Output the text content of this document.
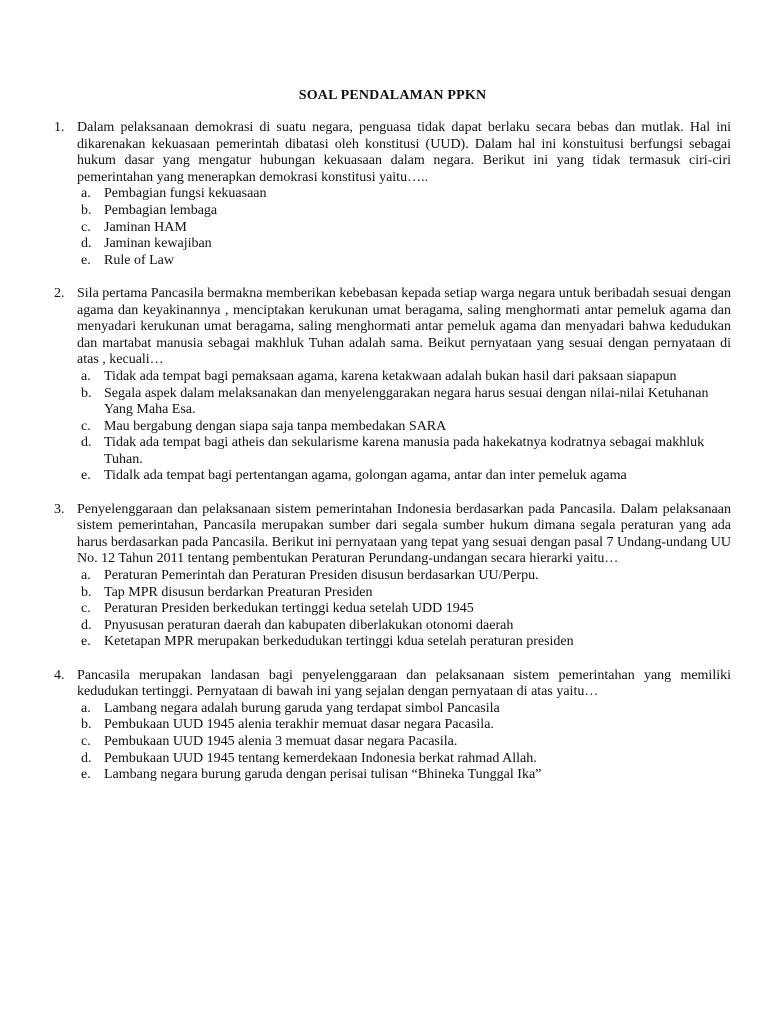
SOAL PENDALAMAN PPKN
1. Dalam pelaksanaan demokrasi di suatu negara, penguasa tidak dapat berlaku secara bebas dan mutlak. Hal ini dikarenakan kekuasaan pemerintah dibatasi oleh konstitusi (UUD). Dalam hal ini konstuitusi berfungsi sebagai hukum dasar yang mengatur hubungan kekuasaan dalam negara. Berikut ini yang tidak termasuk ciri-ciri pemerintahan yang menerapkan demokrasi konstitusi yaitu…..

a. Pembagian fungsi kekuasaan
b. Pembagian lembaga
c. Jaminan HAM
d. Jaminan kewajiban
e. Rule of Law
2. Sila pertama Pancasila bermakna memberikan kebebasan kepada setiap warga negara untuk beribadah sesuai dengan agama dan keyakinannya , menciptakan kerukunan umat beragama, saling menghormati antar pemeluk agama dan menyadari kerukunan umat beragama, saling menghormati antar pemeluk agama dan menyadari bahwa kedudukan dan martabat manusia sebagai makhluk Tuhan adalah sama. Beikut pernyataan yang sesuai dengan pernyataan di atas , kecuali…

a. Tidak ada tempat bagi pemaksaan agama, karena ketakwaan adalah bukan hasil dari paksaan siapapun
b. Segala aspek dalam melaksanakan dan menyelenggarakan negara harus sesuai dengan nilai-nilai Ketuhanan Yang Maha Esa.
c. Mau bergabung dengan siapa saja tanpa membedakan SARA
d. Tidak ada tempat bagi atheis dan sekularisme karena manusia pada hakekatnya kodratnya sebagai makhluk Tuhan.
e. Tidalk ada tempat bagi pertentangan agama, golongan agama, antar dan inter pemeluk agama
3. Penyelenggaraan dan pelaksanaan sistem pemerintahan Indonesia berdasarkan pada Pancasila. Dalam pelaksanaan sistem pemerintahan, Pancasila merupakan sumber dari segala sumber hukum dimana segala peraturan yang ada harus berdasarkan pada Pancasila. Berikut ini pernyataan yang tepat yang sesuai dengan pasal 7 Undang-undang UU No. 12 Tahun 2011 tentang pembentukan Peraturan Perundang-undangan secara hierarki yaitu…

a. Peraturan Pemerintah dan Peraturan Presiden disusun berdasarkan UU/Perpu.
b. Tap MPR disusun berdarkan Preaturan Presiden
c. Peraturan Presiden berkedukan tertinggi kedua setelah UDD 1945
d. Pnyususan peraturan daerah dan kabupaten diberlakukan otonomi daerah
e. Ketetapan MPR merupakan berkedudukan tertinggi kdua setelah peraturan presiden
4. Pancasila merupakan landasan bagi penyelenggaraan dan pelaksanaan sistem pemerintahan yang memiliki kedudukan tertinggi. Pernyataan di bawah ini yang sejalan dengan pernyataan di atas yaitu…

a. Lambang negara adalah burung garuda yang terdapat simbol Pancasila
b. Pembukaan UUD 1945 alenia terakhir memuat dasar negara Pacasila.
c. Pembukaan UUD 1945 alenia 3 memuat dasar negara Pacasila.
d. Pembukaan UUD 1945 tentang kemerdekaan Indonesia berkat rahmad Allah.
e. Lambang negara burung garuda dengan perisai tulisan “Bhineka Tunggal Ika”
